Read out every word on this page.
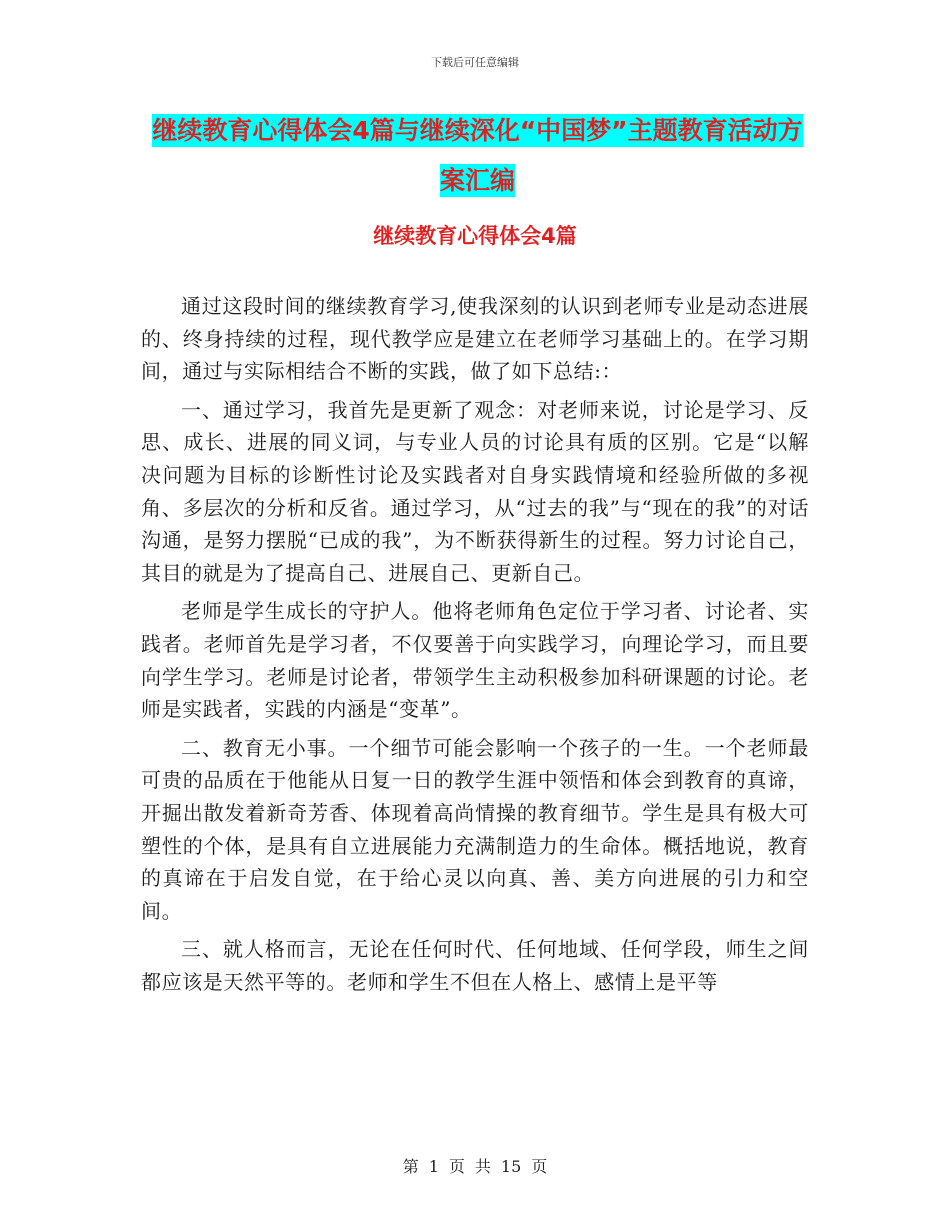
下载后可任意编辑
继续教育心得体会4篇与继续深化“中国梦”主题教育活动方案汇编
继续教育心得体会4篇

通过这段时间的继续教育学习,使我深刻的认识到老师专业是动态进展的、终身持续的过程，现代教学应是建立在老师学习基础上的。在学习期间，通过与实际相结合不断的实践，做了如下总结:：

一、通过学习，我首先是更新了观念：对老师来说，讨论是学习、反思、成长、进展的同义词，与专业人员的讨论具有质的区别。它是“以解决问题为目标的诊断性讨论及实践者对自身实践情境和经验所做的多视角、多层次的分析和反省。通过学习，从“过去的我”与“现在的我”的对话沟通，是努力摆脱“已成的我”，为不断获得新生的过程。努力讨论自己，其目的就是为了提高自己、进展自己、更新自己。

老师是学生成长的守护人。他将老师角色定位于学习者、讨论者、实践者。老师首先是学习者，不仅要善于向实践学习，向理论学习，而且要向学生学习。老师是讨论者，带领学生主动积极参加科研课题的讨论。老师是实践者，实践的内涵是“变革”。

二、教育无小事。一个细节可能会影响一个孩子的一生。一个老师最可贵的品质在于他能从日复一日的教学生涯中领悟和体会到教育的真谛，开掘出散发着新奇芳香、体现着高尚情操的教育细节。学生是具有极大可塑性的个体，是具有自立进展能力充满制造力的生命体。概括地说，教育的真谛在于启发自觉，在于给心灵以向真、善、美方向进展的引力和空间。

三、就人格而言，无论在任何时代、任何地域、任何学段，师生之间都应该是天然平等的。老师和学生不但在人格上、感情上是平等

第 1 页 共 15 页
